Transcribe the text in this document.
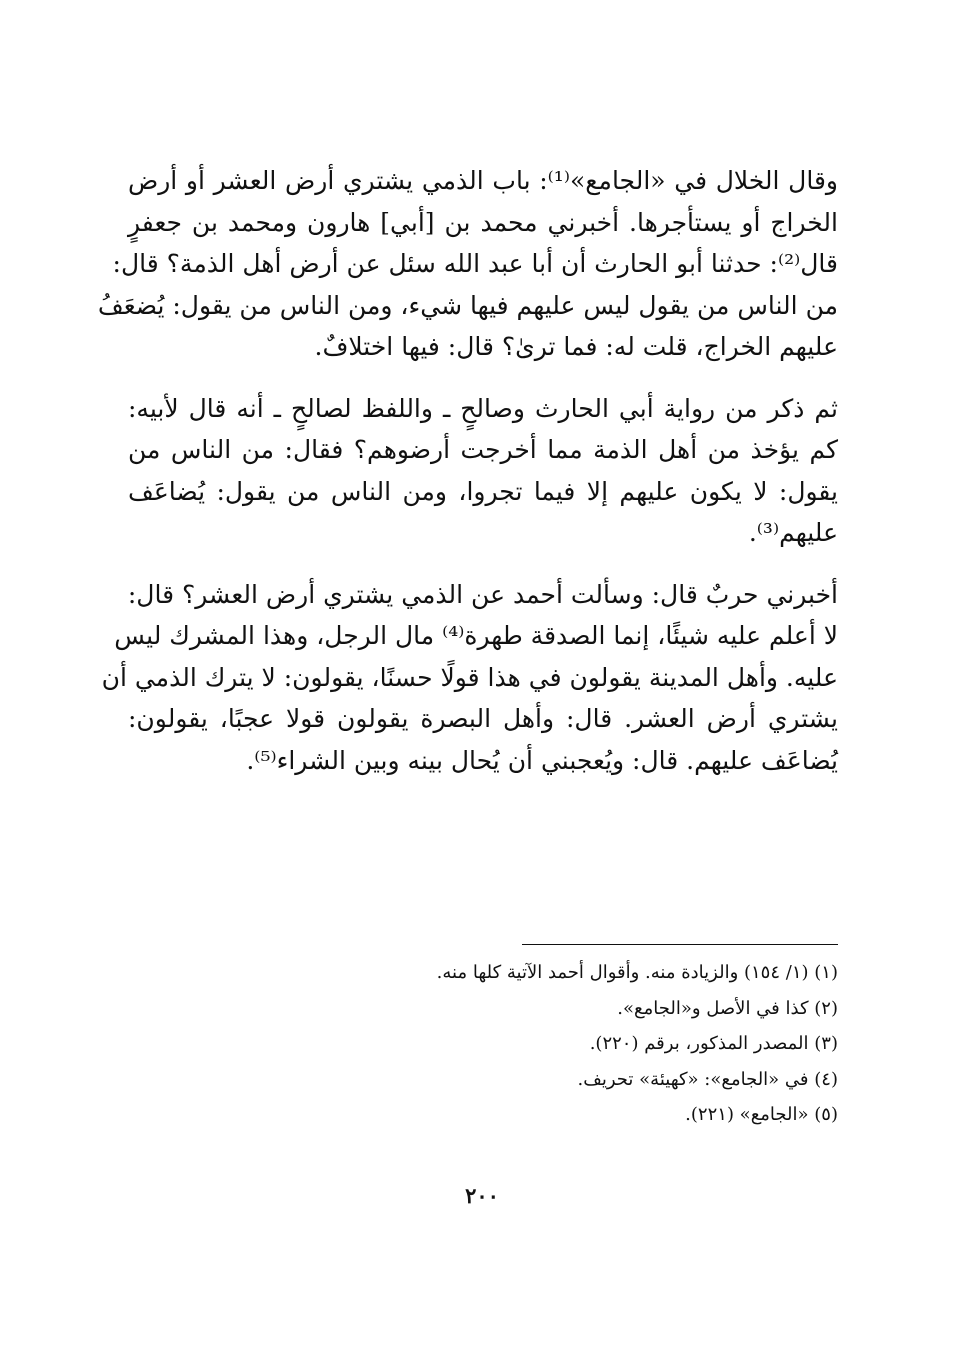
وقال الخلال في «الجامع»⁽¹⁾: باب الذمي يشتري أرض العشر أو أرض
الخراج أو يستأجرها. أخبرني محمد بن [أبي] هارون ومحمد بن جعفرٍ
قال⁽²⁾: حدثنا أبو الحارث أن أبا عبد الله سئل عن أرض أهل الذمة؟ قال:
من الناس من يقول ليس عليهم فيها شيء، ومن الناس من يقول: يُضعَفُ
عليهم الخراج، قلت له: فما ترىٰ؟ قال: فيها اختلافٌ.

ثم ذكر من رواية أبي الحارث وصالحٍ ـ واللفظ لصالحٍ ـ أنه قال لأبيه:
كم يؤخذ من أهل الذمة مما أخرجت أرضوهم؟ فقال: من الناس من
يقول: لا يكون عليهم إلا فيما تجروا، ومن الناس من يقول: يُضاعَف
عليهم⁽³⁾.

أخبرني حربٌ قال: وسألت أحمد عن الذمي يشتري أرض العشر؟ قال:
لا أعلم عليه شيئًا، إنما الصدقة طهرة⁽⁴⁾ مال الرجل، وهذا المشرك ليس
عليه. وأهل المدينة يقولون في هذا قولًا حسنًا، يقولون: لا يترك الذمي أن
يشتري أرض العشر. قال: وأهل البصرة يقولون قولا عجبًا، يقولون:
يُضاعَف عليهم. قال: ويُعجبني أن يُحال بينه وبين الشراء⁽⁵⁾.

(١) (١/ ١٥٤) والزيادة منه. وأقوال أحمد الآتية كلها منه.
(٢) كذا في الأصل و«الجامع».
(٣) المصدر المذكور، برقم (٢٢٠).
(٤) في «الجامع»: «كهيئة» تحريف.
(٥) «الجامع» (٢٢١).
٢٠٠
